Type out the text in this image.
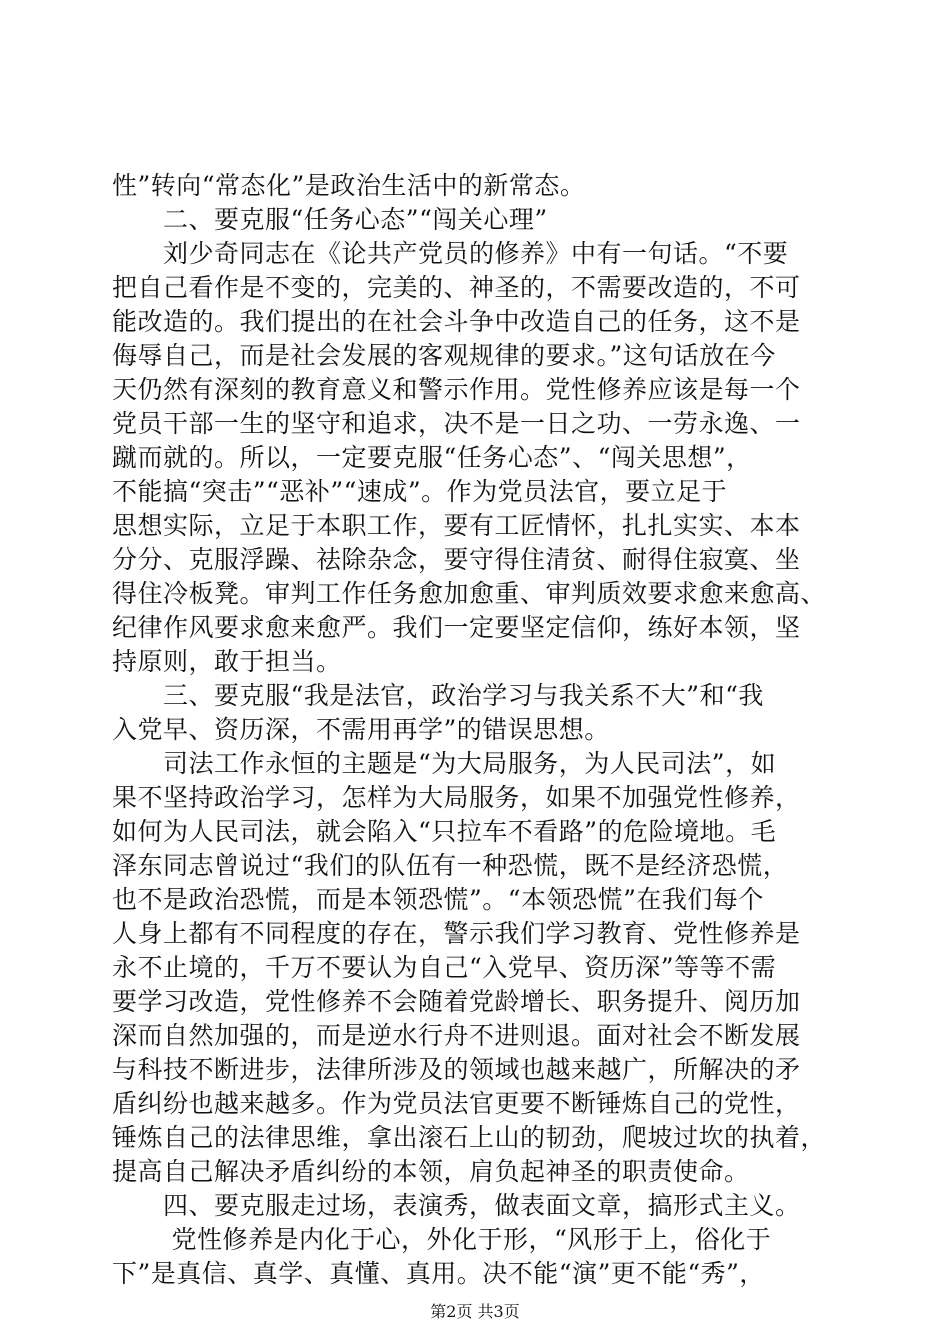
性”转向“常态化”是政治生活中的新常态。
　　二、要克服“任务心态”“闯关心理”
　　刘少奇同志在《论共产党员的修养》中有一句话。“不要
把自己看作是不变的，完美的、神圣的，不需要改造的，不可
能改造的。我们提出的在社会斗争中改造自己的任务，这不是
侮辱自己，而是社会发展的客观规律的要求。”这句话放在今
天仍然有深刻的教育意义和警示作用。党性修养应该是每一个
党员干部一生的坚守和追求，决不是一日之功、一劳永逸、一
蹴而就的。所以，一定要克服“任务心态”、“闯关思想”，
不能搞“突击”“恶补”“速成”。作为党员法官，要立足于
思想实际，立足于本职工作，要有工匠情怀，扎扎实实、本本
分分、克服浮躁、祛除杂念，要守得住清贫、耐得住寂寞、坐
得住冷板凳。审判工作任务愈加愈重、审判质效要求愈来愈高、
纪律作风要求愈来愈严。我们一定要坚定信仰，练好本领，坚
持原则，敢于担当。
　　三、要克服“我是法官，政治学习与我关系不大”和“我
入党早、资历深，不需用再学”的错误思想。
　　司法工作永恒的主题是“为大局服务，为人民司法”，如
果不坚持政治学习，怎样为大局服务，如果不加强党性修养，
如何为人民司法，就会陷入“只拉车不看路”的危险境地。毛
泽东同志曾说过“我们的队伍有一种恐慌，既不是经济恐慌，
也不是政治恐慌，而是本领恐慌”。“本领恐慌”在我们每个
人身上都有不同程度的存在，警示我们学习教育、党性修养是
永不止境的，千万不要认为自己“入党早、资历深”等等不需
要学习改造，党性修养不会随着党龄增长、职务提升、阅历加
深而自然加强的，而是逆水行舟不进则退。面对社会不断发展
与科技不断进步，法律所涉及的领域也越来越广，所解决的矛
盾纠纷也越来越多。作为党员法官更要不断锤炼自己的党性，
锤炼自己的法律思维，拿出滚石上山的韧劲，爬坡过坎的执着，
提高自己解决矛盾纠纷的本领，肩负起神圣的职责使命。
　　四、要克服走过场，表演秀，做表面文章，搞形式主义。
　　 党性修养是内化于心，外化于形，“风形于上，俗化于
下”是真信、真学、真懂、真用。决不能“演”更不能“秀”，
第2页 共3页
